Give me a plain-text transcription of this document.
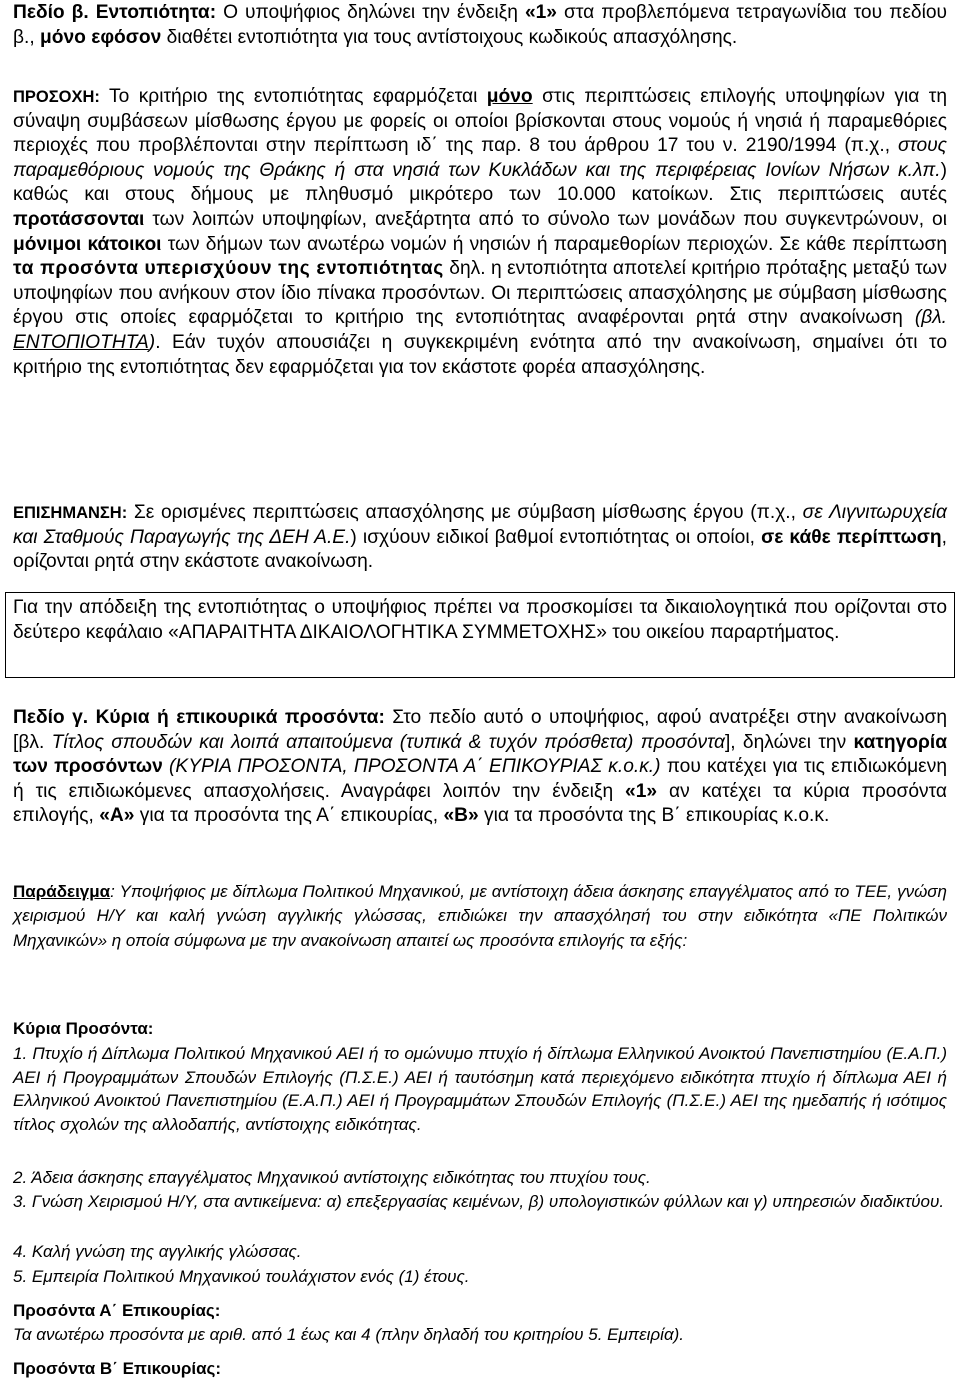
Πεδίο β. Εντοπιότητα: Ο υποψήφιος δηλώνει την ένδειξη «1» στα προβλεπόμενα τετραγωνίδια του πεδίου β., μόνο εφόσον διαθέτει εντοπιότητα για τους αντίστοιχους κωδικούς απασχόλησης.
ΠΡΟΣΟΧΗ: Το κριτήριο της εντοπιότητας εφαρμόζεται μόνο στις περιπτώσεις επιλογής υποψηφίων για τη σύναψη συμβάσεων μίσθωσης έργου με φορείς οι οποίοι βρίσκονται στους νομούς ή νησιά ή παραμεθόριες περιοχές που προβλέπονται στην περίπτωση ιδ΄ της παρ. 8 του άρθρου 17 του ν. 2190/1994 (π.χ., στους παραμεθόριους νομούς της Θράκης ή στα νησιά των Κυκλάδων και της περιφέρειας Ιονίων Νήσων κ.λπ.) καθώς και στους δήμους με πληθυσμό μικρότερο των 10.000 κατοίκων. Στις περιπτώσεις αυτές προτάσσονται των λοιπών υποψηφίων, ανεξάρτητα από το σύνολο των μονάδων που συγκεντρώνουν, οι μόνιμοι κάτοικοι των δήμων των ανωτέρω νομών ή νησιών ή παραμεθορίων περιοχών. Σε κάθε περίπτωση τα προσόντα υπερισχύουν της εντοπιότητας δηλ. η εντοπιότητα αποτελεί κριτήριο πρόταξης μεταξύ των υποψηφίων που ανήκουν στον ίδιο πίνακα προσόντων. Οι περιπτώσεις απασχόλησης με σύμβαση μίσθωσης έργου στις οποίες εφαρμόζεται το κριτήριο της εντοπιότητας αναφέρονται ρητά στην ανακοίνωση (βλ. ΕΝΤΟΠΙΟΤΗΤΑ). Εάν τυχόν απουσιάζει η συγκεκριμένη ενότητα από την ανακοίνωση, σημαίνει ότι το κριτήριο της εντοπιότητας δεν εφαρμόζεται για τον εκάστοτε φορέα απασχόλησης.
ΕΠΙΣΗΜΑΝΣΗ: Σε ορισμένες περιπτώσεις απασχόλησης με σύμβαση μίσθωσης έργου (π.χ., σε Λιγνιτωρυχεία και Σταθμούς Παραγωγής της ΔΕΗ Α.Ε.) ισχύουν ειδικοί βαθμοί εντοπιότητας οι οποίοι, σε κάθε περίπτωση, ορίζονται ρητά στην εκάστοτε ανακοίνωση.
Για την απόδειξη της εντοπιότητας ο υποψήφιος πρέπει να προσκομίσει τα δικαιολογητικά που ορίζονται στο δεύτερο κεφάλαιο «ΑΠΑΡΑΙΤΗΤΑ ΔΙΚΑΙΟΛΟΓΗΤΙΚΑ ΣΥΜΜΕΤΟΧΗΣ» του οικείου παραρτήματος.
Πεδίο γ. Κύρια ή επικουρικά προσόντα: Στο πεδίο αυτό ο υποψήφιος, αφού ανατρέξει στην ανακοίνωση [βλ. Τίτλος σπουδών και λοιπά απαιτούμενα (τυπικά & τυχόν πρόσθετα) προσόντα], δηλώνει την κατηγορία των προσόντων (ΚΥΡΙΑ ΠΡΟΣΟΝΤΑ, ΠΡΟΣΟΝΤΑ Α΄ ΕΠΙΚΟΥΡΙΑΣ κ.ο.κ.) που κατέχει για τις επιδιωκόμενη ή τις επιδιωκόμενες απασχολήσεις. Αναγράφει λοιπόν την ένδειξη «1» αν κατέχει τα κύρια προσόντα επιλογής, «Α» για τα προσόντα της Α΄ επικουρίας, «Β» για τα προσόντα της Β΄ επικουρίας κ.ο.κ.
Παράδειγμα: Υποψήφιος με δίπλωμα Πολιτικού Μηχανικού, με αντίστοιχη άδεια άσκησης επαγγέλματος από το ΤΕΕ, γνώση χειρισμού Η/Υ και καλή γνώση αγγλικής γλώσσας, επιδιώκει την απασχόλησή του στην ειδικότητα «ΠΕ Πολιτικών Μηχανικών» η οποία σύμφωνα με την ανακοίνωση απαιτεί ως προσόντα επιλογής τα εξής:
Κύρια Προσόντα:
1. Πτυχίο ή Δίπλωμα Πολιτικού Μηχανικού ΑΕΙ ή το ομώνυμο πτυχίο ή δίπλωμα Ελληνικού Ανοικτού Πανεπιστημίου (Ε.Α.Π.) ΑΕΙ ή Προγραμμάτων Σπουδών Επιλογής (Π.Σ.Ε.) ΑΕΙ ή ταυτόσημη κατά περιεχόμενο ειδικότητα πτυχίο ή δίπλωμα ΑΕΙ ή Ελληνικού Ανοικτού Πανεπιστημίου (Ε.Α.Π.) ΑΕΙ ή Προγραμμάτων Σπουδών Επιλογής (Π.Σ.Ε.) ΑΕΙ της ημεδαπής ή ισότιμος τίτλος σχολών της αλλοδαπής, αντίστοιχης ειδικότητας.
2. Άδεια άσκησης επαγγέλματος Μηχανικού αντίστοιχης ειδικότητας του πτυχίου τους.
3. Γνώση Χειρισμού Η/Υ, στα αντικείμενα: α) επεξεργασίας κειμένων, β) υπολογιστικών φύλλων και γ) υπηρεσιών διαδικτύου.
4. Καλή γνώση της αγγλικής γλώσσας.
5. Εμπειρία Πολιτικού Μηχανικού τουλάχιστον ενός (1) έτους.
Προσόντα Α΄ Επικουρίας:
Τα ανωτέρω προσόντα με αριθ. από 1 έως και 4 (πλην δηλαδή του κριτηρίου 5. Εμπειρία).
Προσόντα Β΄ Επικουρίας:
